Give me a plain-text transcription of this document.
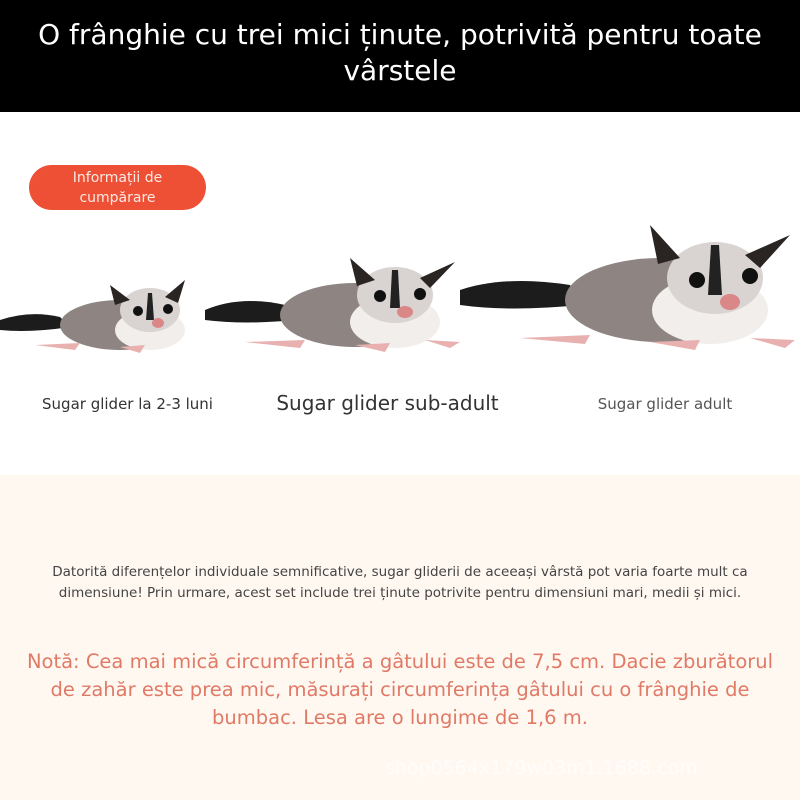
O frânghie cu trei mici ținute, potrivită pentru toate vârstele
Informații de cumpărare
Sugar glider la 2-3 luni	Sugar glider sub-adult	Sugar glider adult
Datorită diferențelor individuale semnificative, sugar gliderii de aceeași vârstă pot varia foarte mult ca dimensiune! Prin urmare, acest set include trei ținute potrivite pentru dimensiuni mari, medii și mici.
Notă: Cea mai mică circumferință a gâtului este de 7,5 cm. Dacie zburătorul de zahăr este prea mic, măsurați circumferința gâtului cu o frânghie de bumbac. Lesa are o lungime de 1,6 m.
shop0564x179w03m1.1688.com
